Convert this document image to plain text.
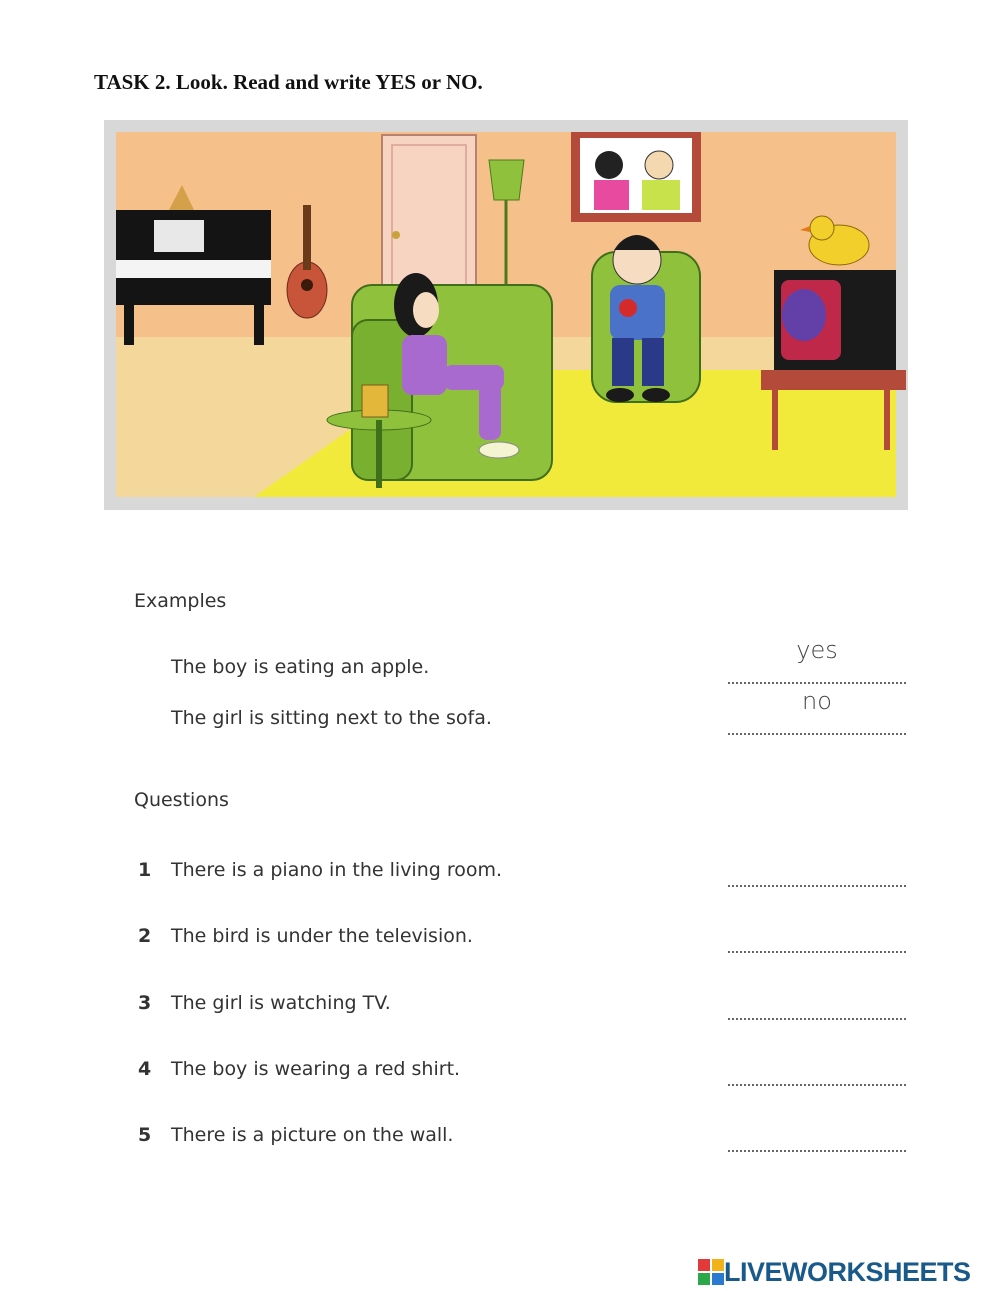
TASK 2. Look. Read and write YES or NO.
Examples
The boy is eating an apple.
yes
The girl is sitting next to the sofa.
no
Questions
1	There is a piano in the living room.
2	The bird is under the television.
3	The girl is watching TV.
4	The boy is wearing a red shirt.
5	There is a picture on the wall.
LIVEWORKSHEETS
